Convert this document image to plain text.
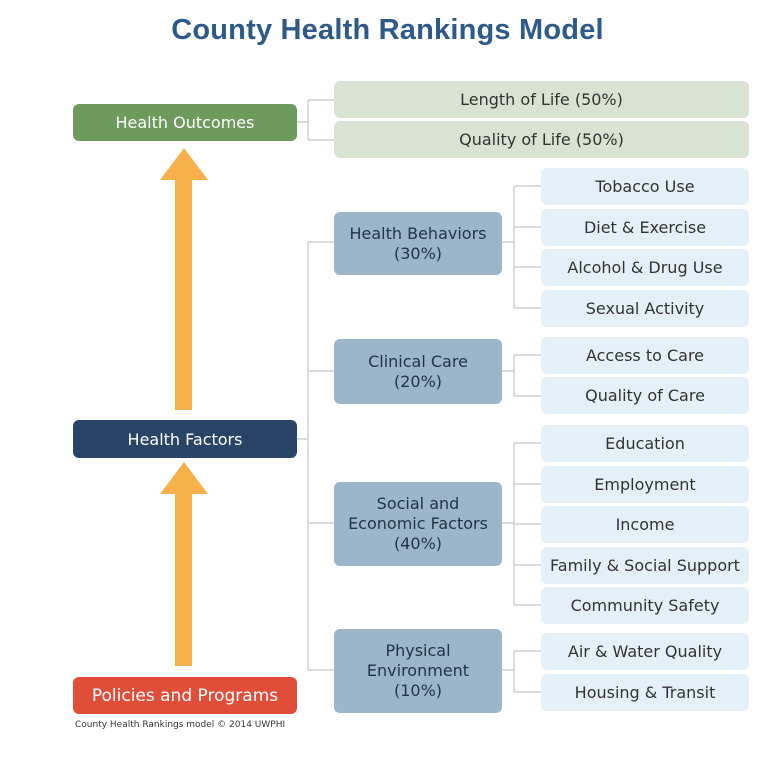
County Health Rankings Model
Health Outcomes
Health Factors
Policies and Programs
Length of Life (50%)
Quality of Life (50%)
Health Behaviors
(30%)
Clinical Care
(20%)
Social and
Economic Factors
(40%)
Physical
Environment
(10%)
Tobacco Use
Diet & Exercise
Alcohol & Drug Use
Sexual Activity
Access to Care
Quality of Care
Education
Employment
Income
Family & Social Support
Community Safety
Air & Water Quality
Housing & Transit
County Health Rankings model © 2014 UWPHI
